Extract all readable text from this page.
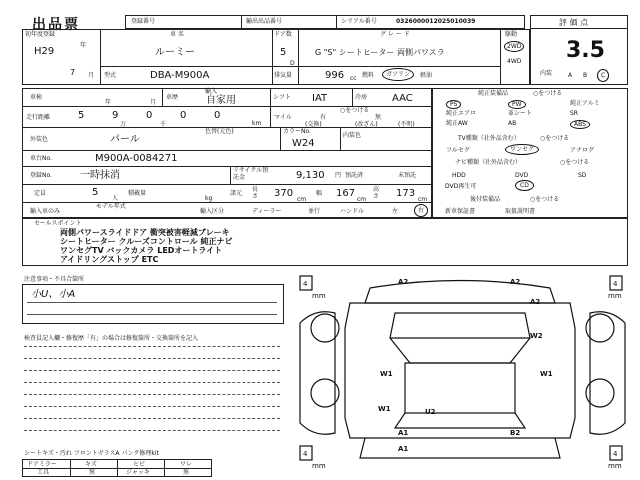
出品票	登録番号	輸出出品番号	シリアル番号	0326000012025010039	評 価 点
3.5
初年度登録
H29
年
7 月
車 名
ルーミー
ドア数
5
D
グ レ ー ド
G "S" シートヒーター 両側パワスラ
駆動
2WD
4WD
型式	DBA-M900A	排気量	996 cc 燃料	ガソリン	軽油	内装	A B	C
車検
年	月
車歴
輸入
自家用	シフト IAT	冷房 AAC
走行距離	5	9	0	0	0
万	千	km
マイル
○をつける
有	無
(交換)	(改ざん)	(不明)
外装色	パール
色替(元色)	カラーNo.
W24
内装色
車台No.	M900A-0084271
登録No.	一時抹消	リサイクル預託金	9,130 円 預託済	未預託
定員	5
人
積載量
kg
諸元
長さ 370
cm
幅 167
cm
高さ 173
cm
輸入車のみ
モデル年式
輸入区分	ディーラー	並行	ハンドル	左	右
純正装備品	○をつける
PS	PW	純正アルミ
純正エアロ	革シート	SR
純正AW	AB	ABS
TV種類（社外品含む）	○をつける
フルセグ	ワンセグ	アナログ
ナビ種類（社外品含む）	○をつける
HDD	DVD	SD
DVD再生可	CD
後付装備品	○をつける
新車保証書	取扱説明書
セールスポイント
両側パワースライドドア 衝突被害軽減ブレーキ
シートヒーター クルーズコントロール 純正ナビ
ワンセグTV バックカメラ LEDオートライト
アイドリングストップ ETC
注意事項・不具合箇所
小U、小A
検査員記入欄・修復歴「有」の場合は修復箇所・交換箇所を記入
シートキズ・汚れ フロントガラスA パンク修理kit
ドアミラー	キズ	ヒビ	ワレ
工具	無	ジャッキ	無
4
mm
4
mm
4
mm
4
mm
A2	A2
A2
W2
W1	W1
W1	U2
A1	B2
A1
